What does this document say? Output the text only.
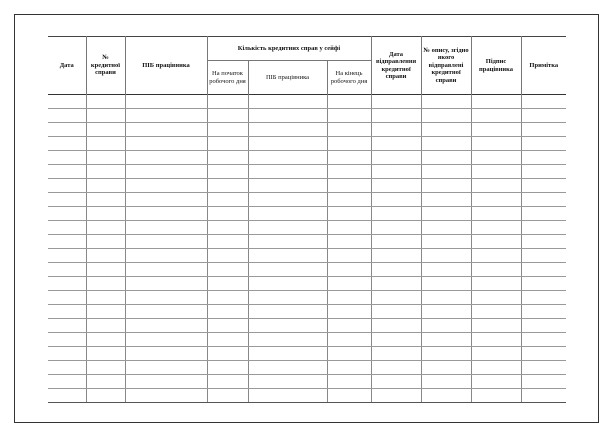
Дата	№ кредитної справи	ПІБ працівника	Кількість кредитних справ у сейфі			Дата відправлення кредитної справи	№ опису, згідно якого відправлені кредитної справи	Підпис працівника	Примітка
			На початок робочого дня	ПІБ працівника	На кінець робочого дня				
